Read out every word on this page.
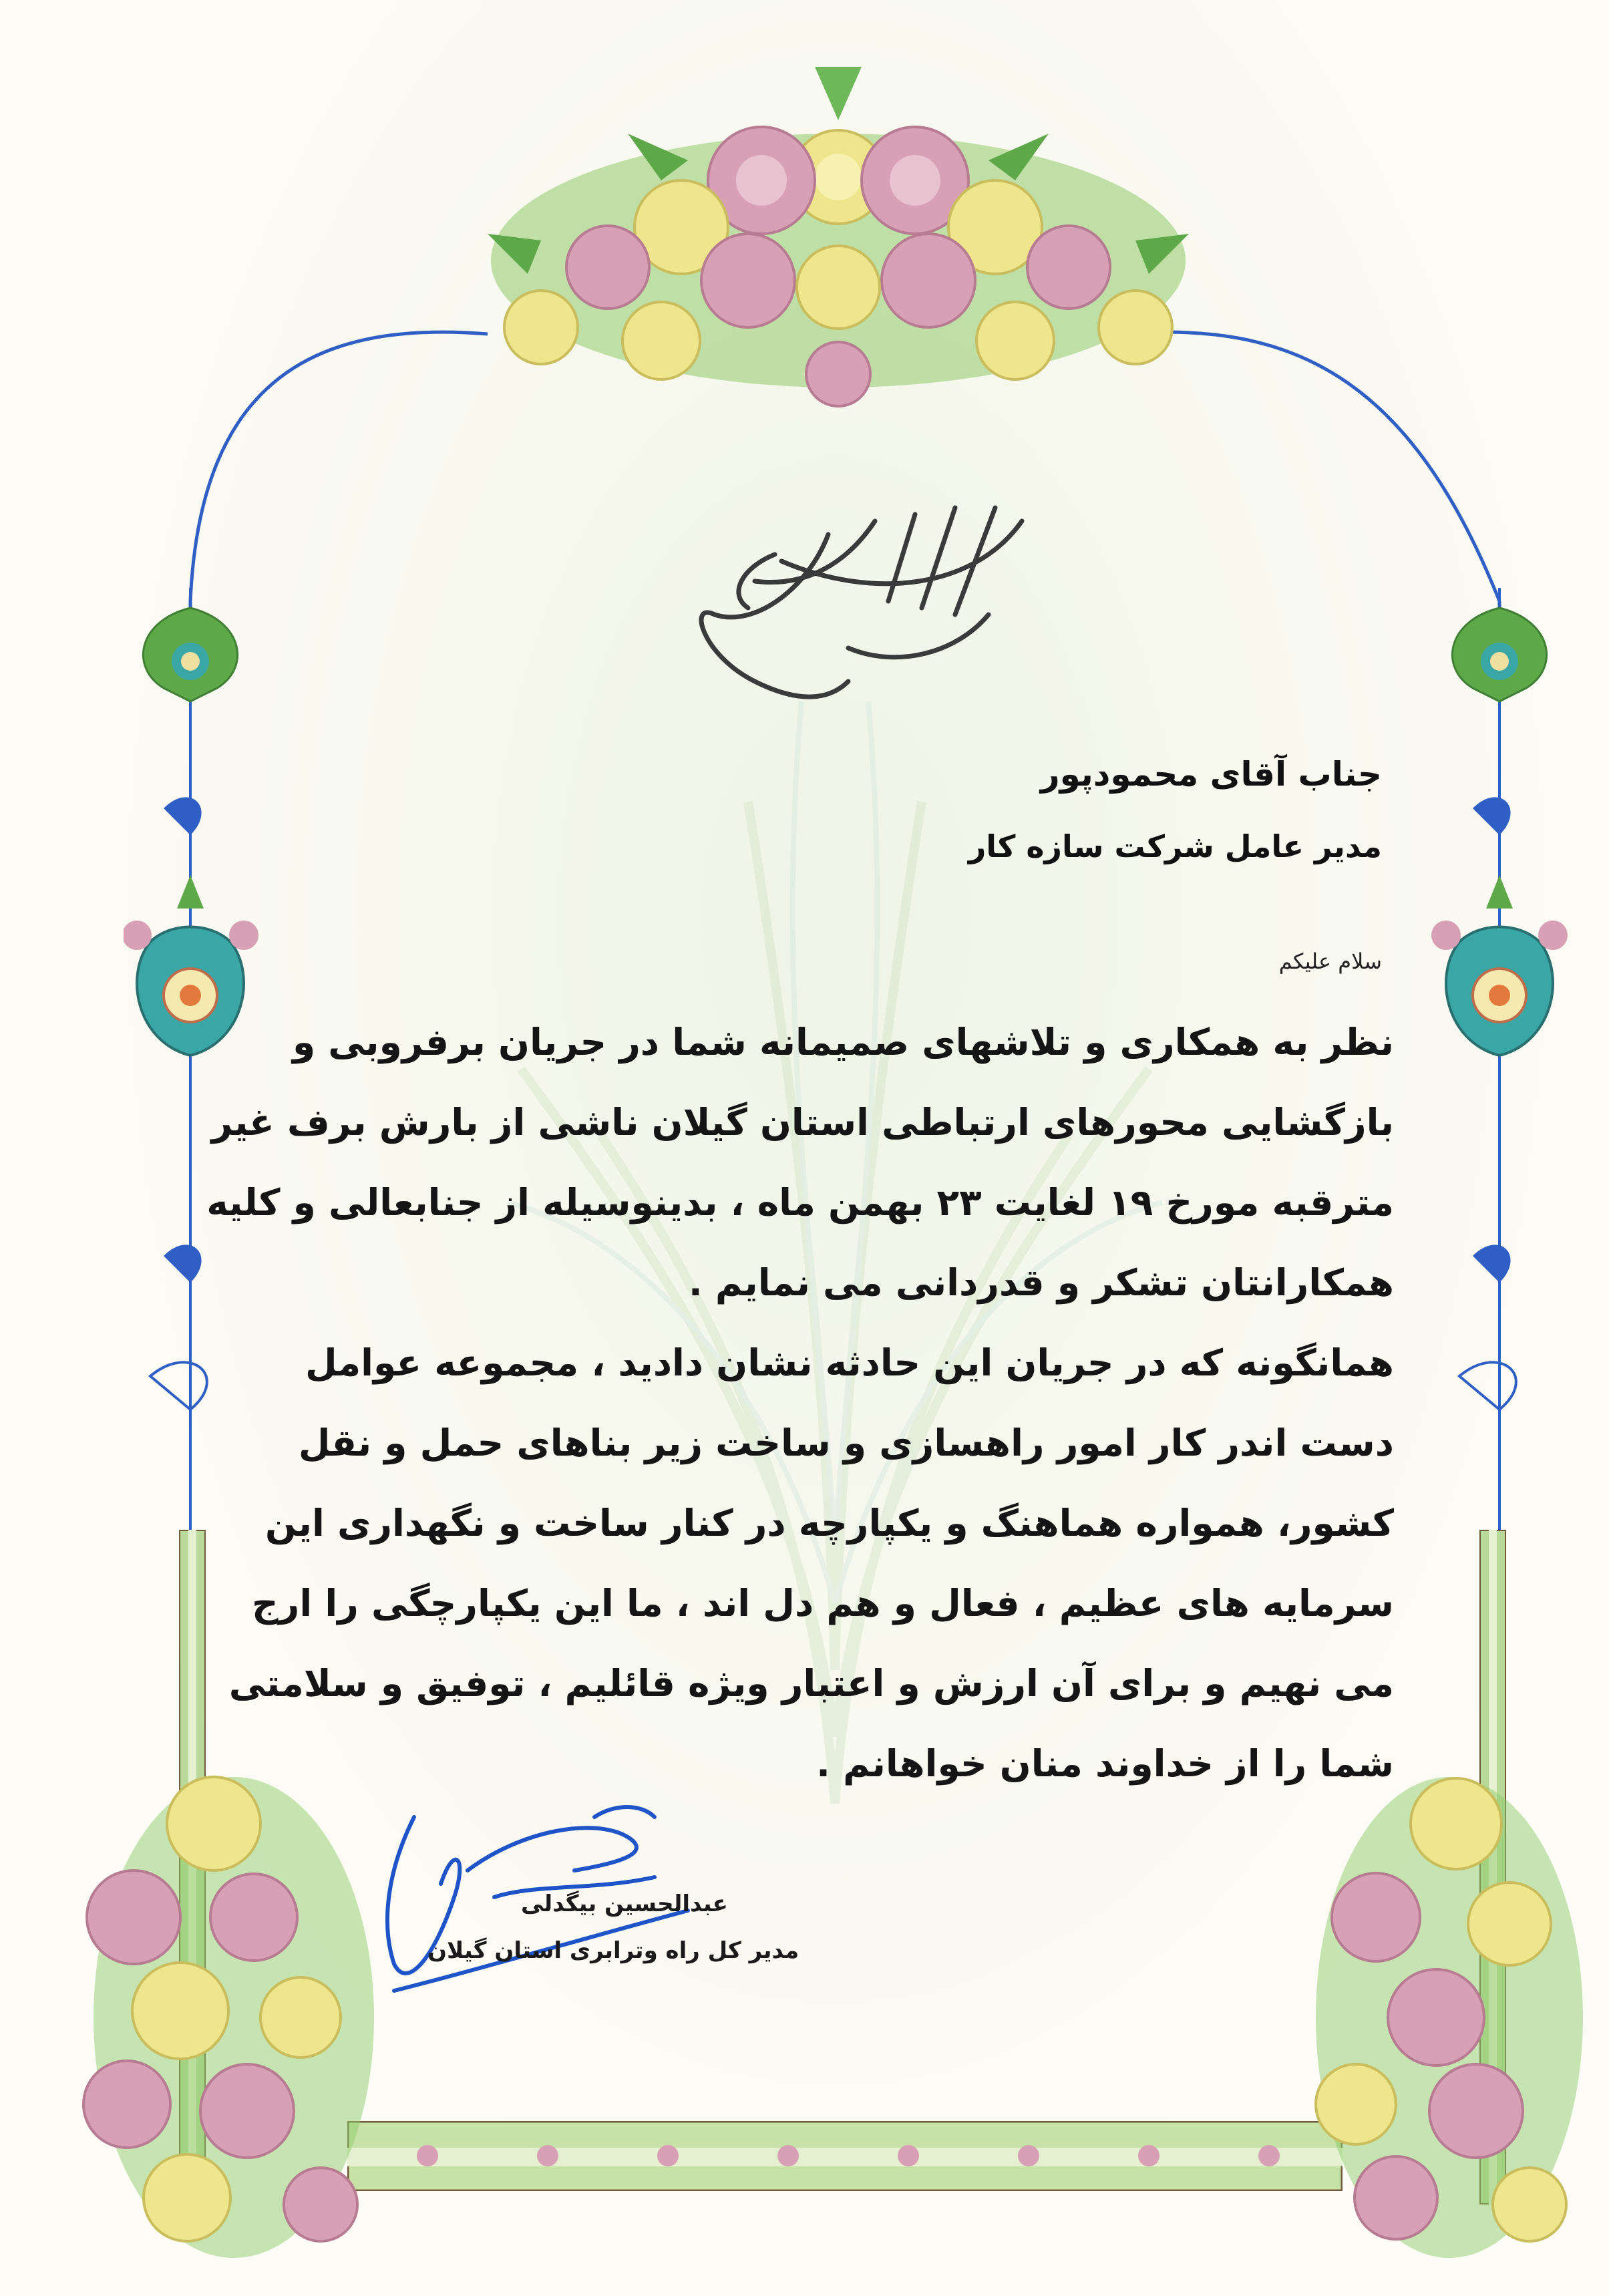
جناب آقای محمودپور
مدیر عامل شرکت سازه کار
سلام علیکم
نظر به همکاری و تلاشهای صمیمانه شما در جریان برفروبی و
بازگشایی محورهای ارتباطی استان گیلان ناشی از بارش برف غیر
مترقبه مورخ ۱۹ لغایت ۲۳ بهمن ماه ، بدینوسیله از جنابعالی و کلیه
همکارانتان تشکر و قدردانی می نمایم .
همانگونه که در جریان این حادثه نشان دادید ، مجموعه عوامل
دست اندر کار امور راهسازی و ساخت زیر بناهای حمل و نقل
کشور، همواره هماهنگ و یکپارچه در کنار ساخت و نگهداری این
سرمایه های عظیم ، فعال و هم دل اند ، ما این یکپارچگی را ارج
می نهیم و برای آن ارزش و اعتبار ویژه قائلیم ، توفیق و سلامتی
شما را از خداوند منان خواهانم .
عبدالحسین بیگدلی
مدیر کل راه وترابری استان گیلان
